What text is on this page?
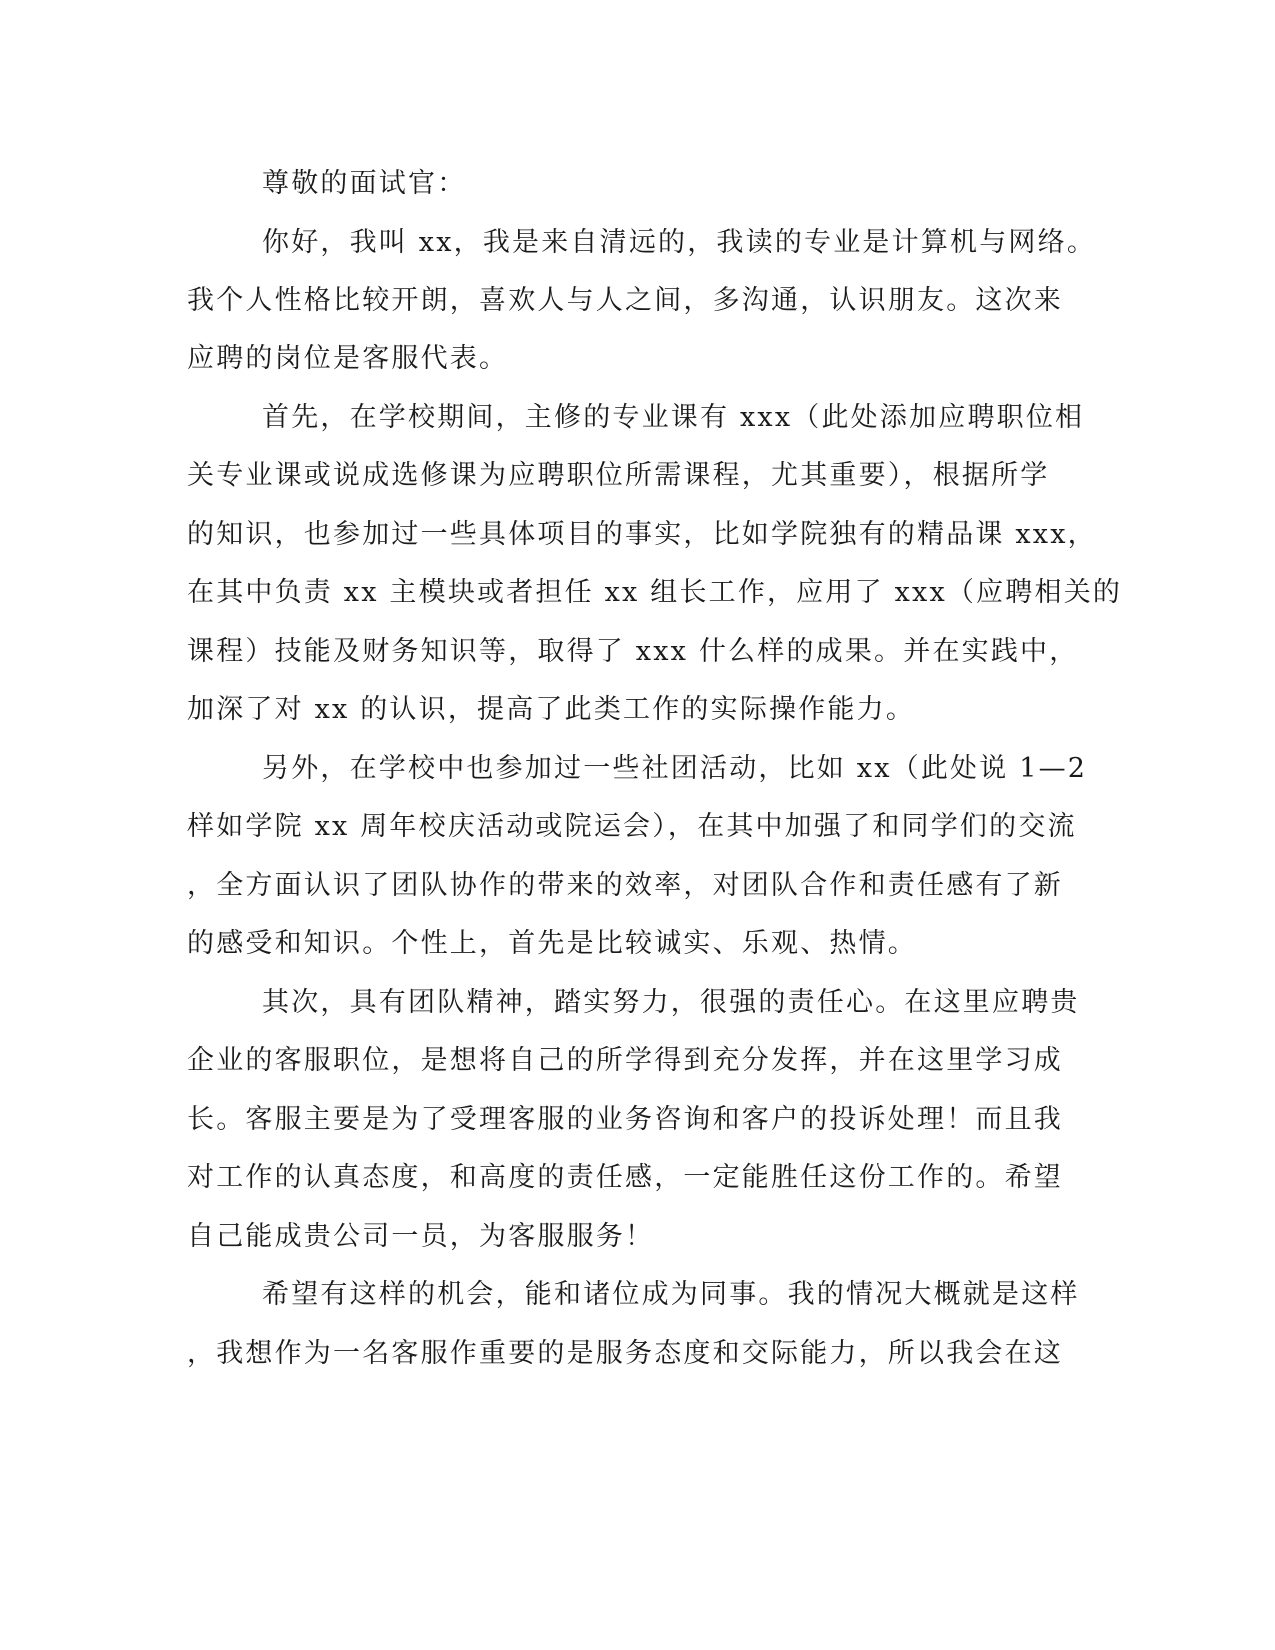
尊敬的面试官：
你好，我叫 xx，我是来自清远的，我读的专业是计算机与网络。
我个人性格比较开朗，喜欢人与人之间，多沟通，认识朋友。这次来
应聘的岗位是客服代表。
首先，在学校期间，主修的专业课有 xxx（此处添加应聘职位相
关专业课或说成选修课为应聘职位所需课程，尤其重要），根据所学
的知识，也参加过一些具体项目的事实，比如学院独有的精品课 xxx，
在其中负责 xx 主模块或者担任 xx 组长工作，应用了 xxx（应聘相关的
课程）技能及财务知识等，取得了 xxx 什么样的成果。并在实践中，
加深了对 xx 的认识，提高了此类工作的实际操作能力。
另外，在学校中也参加过一些社团活动，比如 xx（此处说 1—2
样如学院 xx 周年校庆活动或院运会），在其中加强了和同学们的交流
，全方面认识了团队协作的带来的效率，对团队合作和责任感有了新
的感受和知识。个性上，首先是比较诚实、乐观、热情。
其次，具有团队精神，踏实努力，很强的责任心。在这里应聘贵
企业的客服职位，是想将自己的所学得到充分发挥，并在这里学习成
长。客服主要是为了受理客服的业务咨询和客户的投诉处理！而且我
对工作的认真态度，和高度的责任感，一定能胜任这份工作的。希望
自己能成贵公司一员，为客服服务！
希望有这样的机会，能和诸位成为同事。我的情况大概就是这样
，我想作为一名客服作重要的是服务态度和交际能力，所以我会在这
